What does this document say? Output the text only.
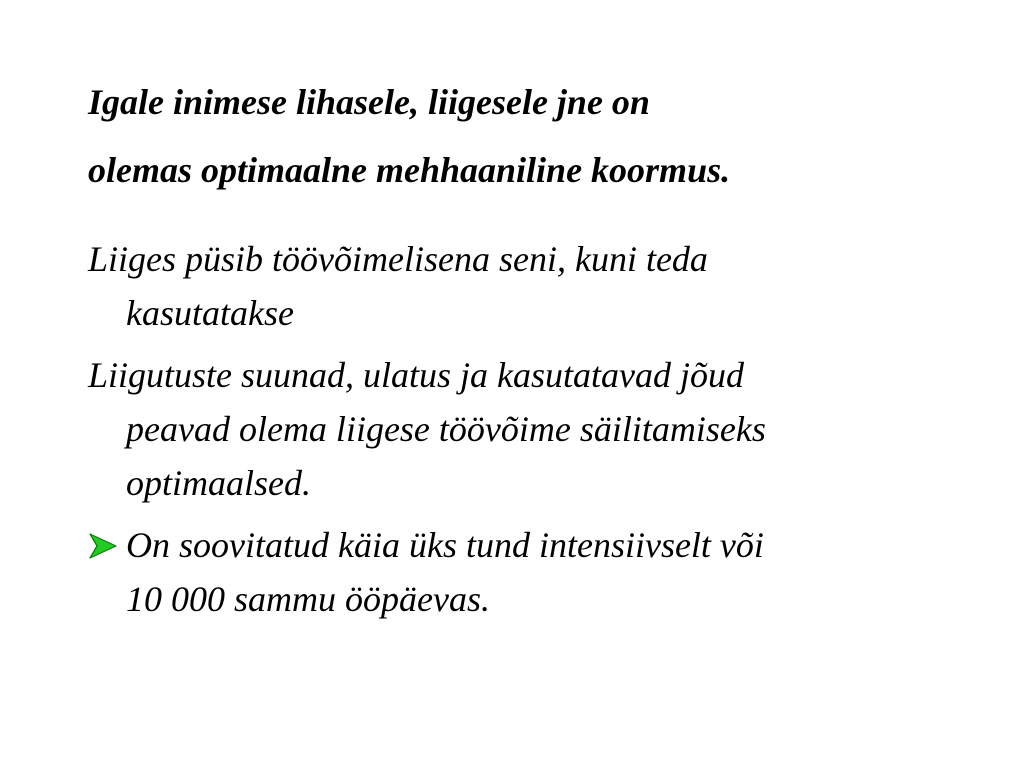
Igale inimese lihasele, liigesele jne on
olemas optimaalne mehhaaniline koormus.

Liiges püsib töövõimelisena seni, kuni teda
kasutatakse

Liigutuste suunad, ulatus ja kasutatavad jõud
peavad olema liigese töövõime säilitamiseks
optimaalsed.

On soovitatud käia üks tund intensiivselt või
10 000 sammu ööpäevas.
